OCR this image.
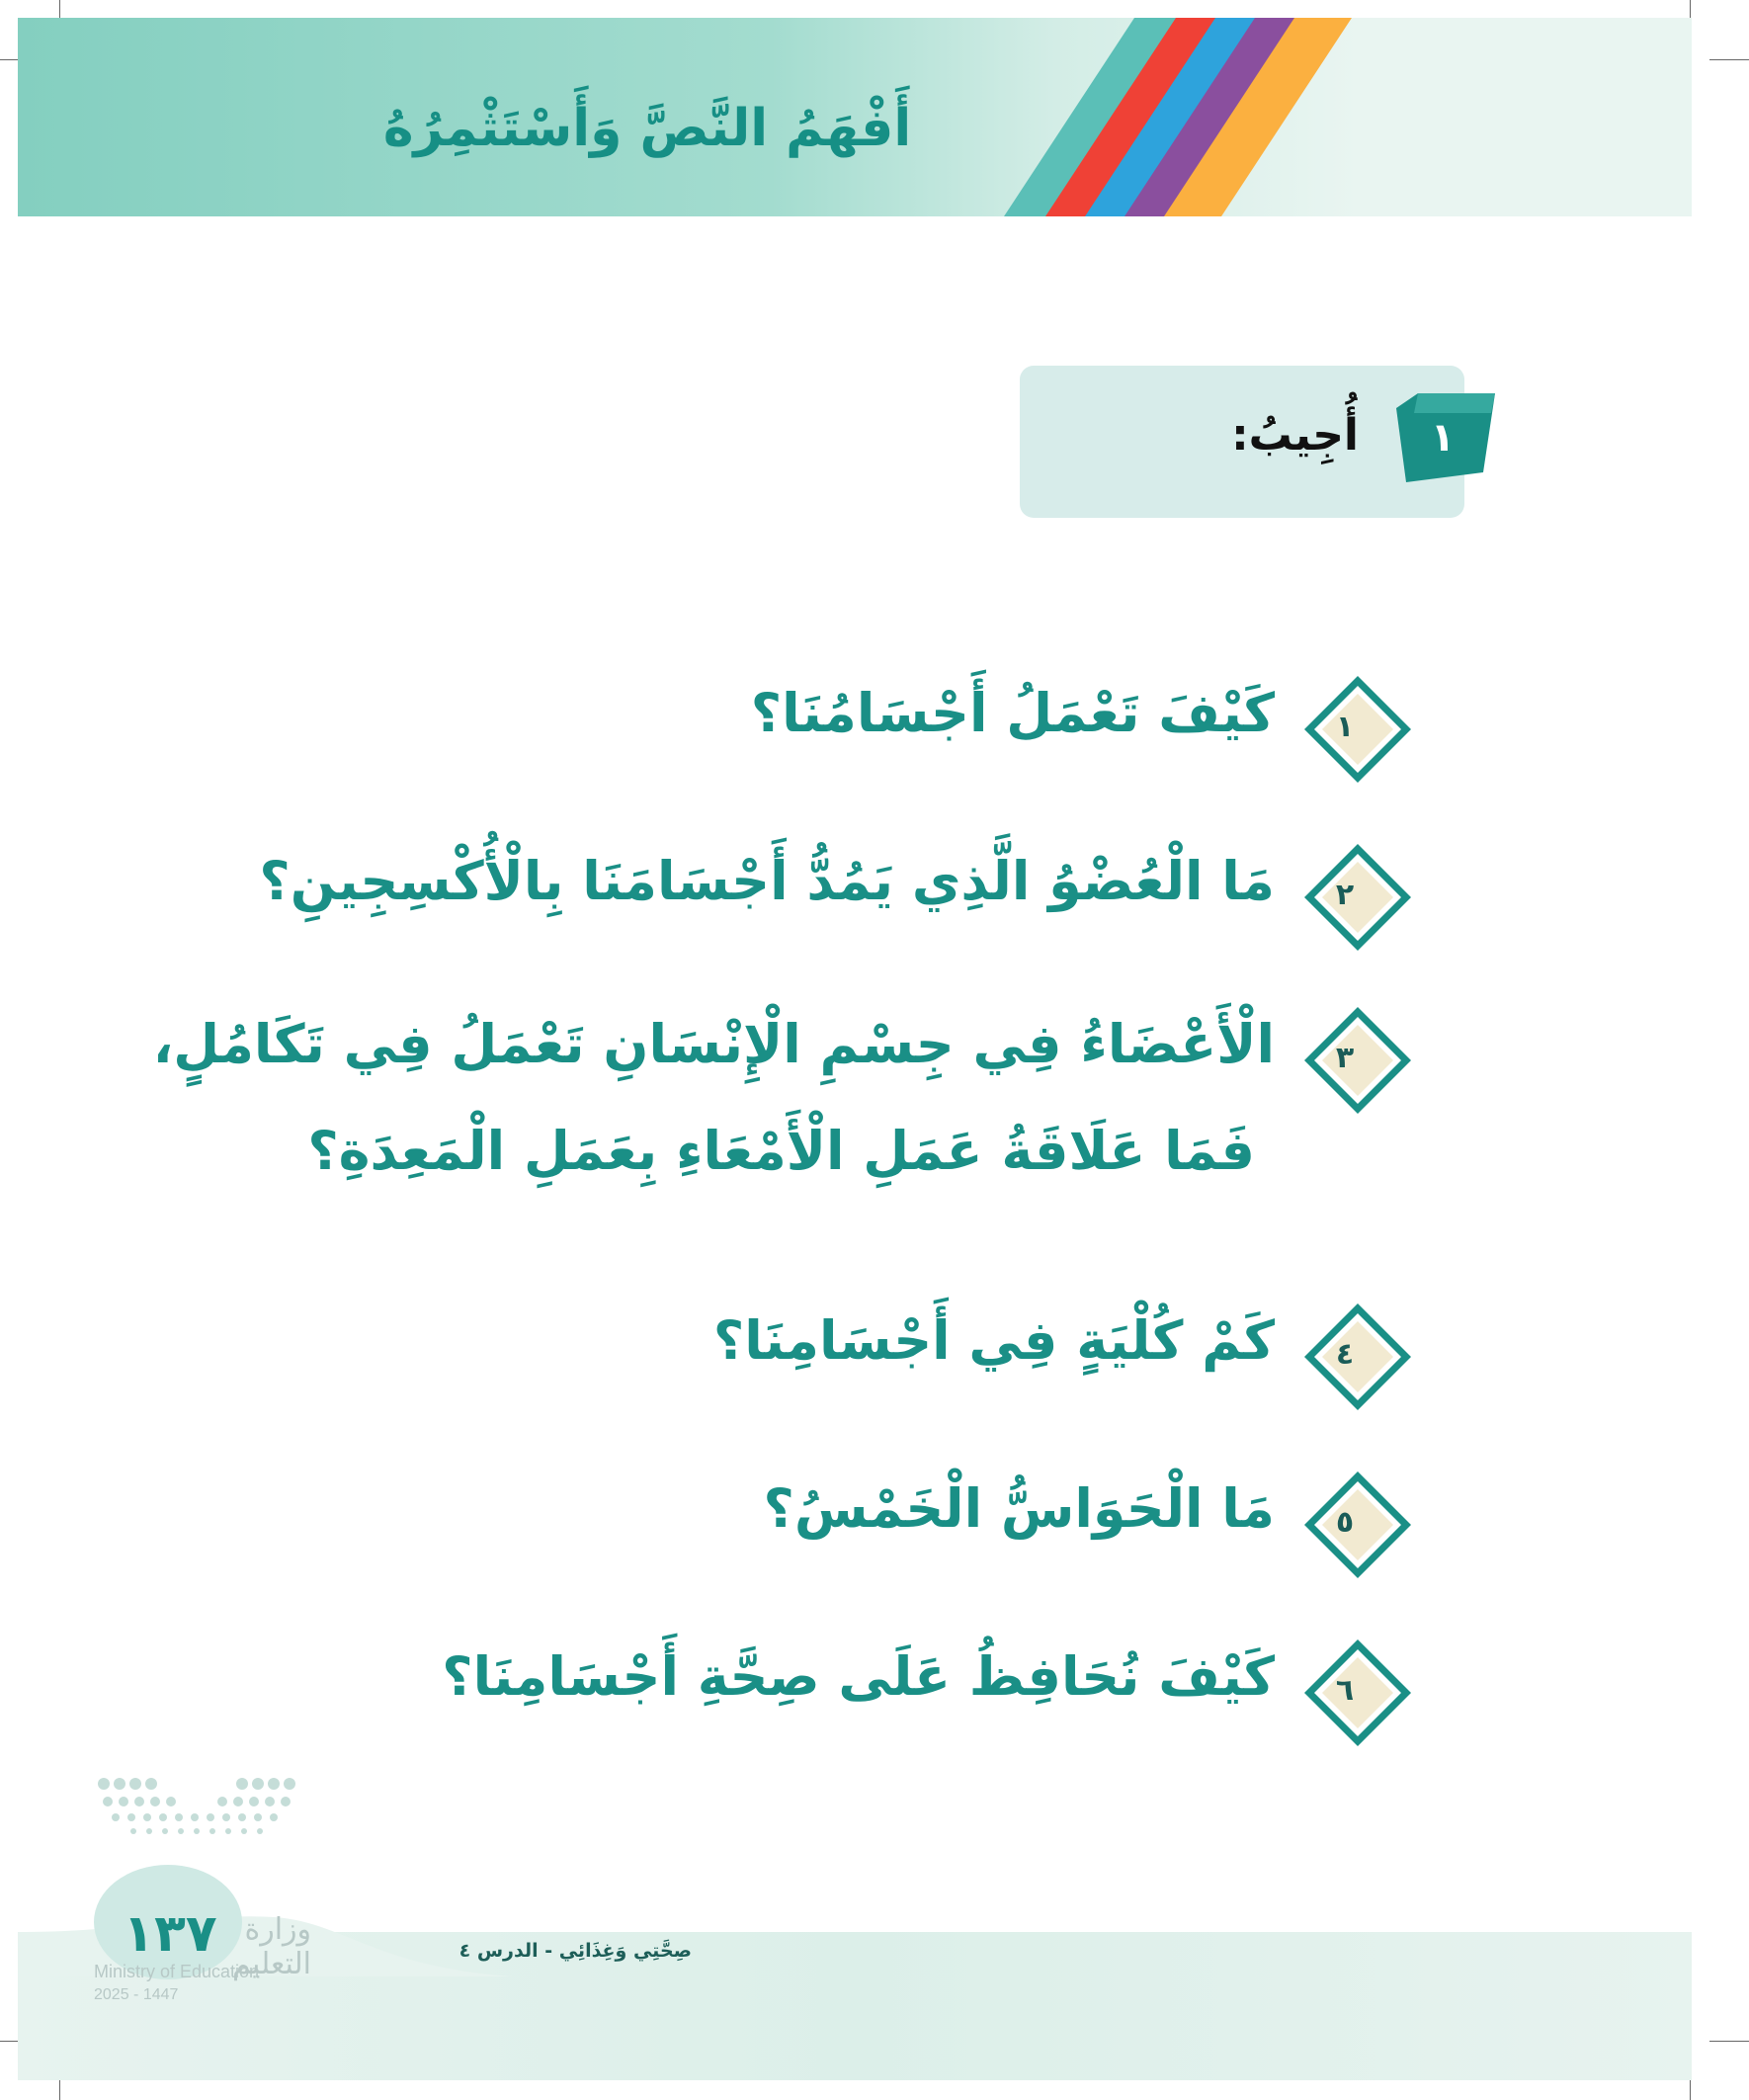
أَفْهَمُ النَّصَّ وَأَسْتَثْمِرُهُ
أُجِيبُ:	١
١
كَيْفَ تَعْمَلُ أَجْسَامُنَا؟
٢
مَا الْعُضْوُ الَّذِي يَمُدُّ أَجْسَامَنَا بِالْأُكْسِجِينِ؟
٣
الْأَعْضَاءُ فِي جِسْمِ الْإِنْسَانِ تَعْمَلُ فِي تَكَامُلٍ،
فَمَا عَلَاقَةُ عَمَلِ الْأَمْعَاءِ بِعَمَلِ الْمَعِدَةِ؟
٤
كَمْ كُلْيَةٍ فِي أَجْسَامِنَا؟
٥
مَا الْحَوَاسُّ الْخَمْسُ؟
٦
كَيْفَ نُحَافِظُ عَلَى صِحَّةِ أَجْسَامِنَا؟
صِحَّتِي وَغِذَائِي - الدرس ٤
١٣٧ وزارة التعليم
Ministry of Education
2025 - 1447
